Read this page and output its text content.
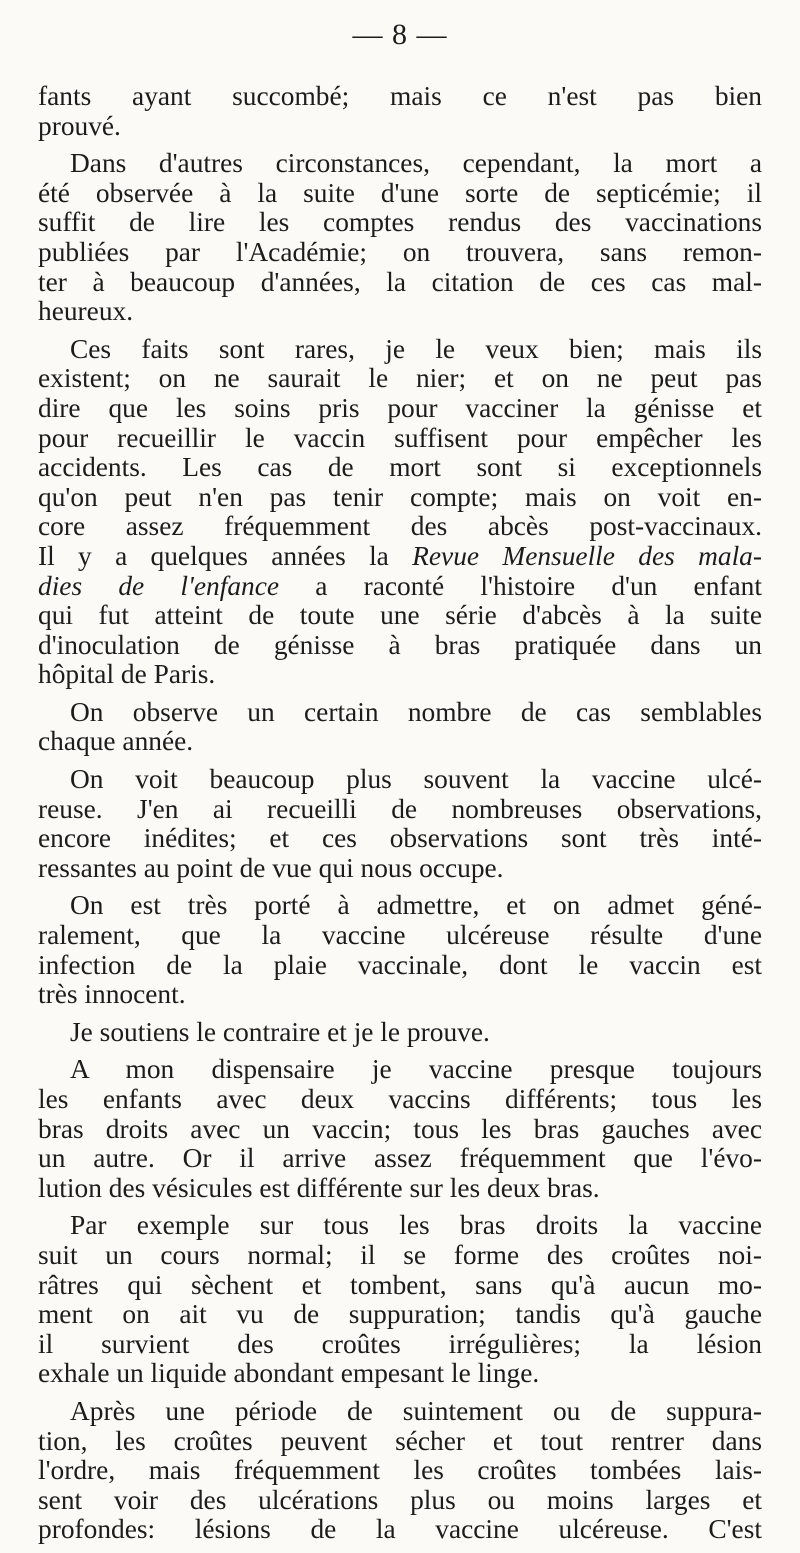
— 8 —
fants ayant succombé; mais ce n'est pas bien
prouvé.
Dans d'autres circonstances, cependant, la mort a
été observée à la suite d'une sorte de septicémie; il
suffit de lire les comptes rendus des vaccinations
publiées par l'Académie; on trouvera, sans remon-
ter à beaucoup d'années, la citation de ces cas mal-
heureux.
Ces faits sont rares, je le veux bien; mais ils
existent; on ne saurait le nier; et on ne peut pas
dire que les soins pris pour vacciner la génisse et
pour recueillir le vaccin suffisent pour empêcher les
accidents. Les cas de mort sont si exceptionnels
qu'on peut n'en pas tenir compte; mais on voit en-
core assez fréquemment des abcès post-vaccinaux.
Il y a quelques années la Revue Mensuelle des mala-
dies de l'enfance a raconté l'histoire d'un enfant
qui fut atteint de toute une série d'abcès à la suite
d'inoculation de génisse à bras pratiquée dans un
hôpital de Paris.
On observe un certain nombre de cas semblables
chaque année.
On voit beaucoup plus souvent la vaccine ulcé-
reuse. J'en ai recueilli de nombreuses observations,
encore inédites; et ces observations sont très inté-
ressantes au point de vue qui nous occupe.
On est très porté à admettre, et on admet géné-
ralement, que la vaccine ulcéreuse résulte d'une
infection de la plaie vaccinale, dont le vaccin est
très innocent.
Je soutiens le contraire et je le prouve.
A mon dispensaire je vaccine presque toujours
les enfants avec deux vaccins différents; tous les
bras droits avec un vaccin; tous les bras gauches avec
un autre. Or il arrive assez fréquemment que l'évo-
lution des vésicules est différente sur les deux bras.
Par exemple sur tous les bras droits la vaccine
suit un cours normal; il se forme des croûtes noi-
râtres qui sèchent et tombent, sans qu'à aucun mo-
ment on ait vu de suppuration; tandis qu'à gauche
il survient des croûtes irrégulières; la lésion
exhale un liquide abondant empesant le linge.
Après une période de suintement ou de suppura-
tion, les croûtes peuvent sécher et tout rentrer dans
l'ordre, mais fréquemment les croûtes tombées lais-
sent voir des ulcérations plus ou moins larges et
profondes: lésions de la vaccine ulcéreuse. C'est
